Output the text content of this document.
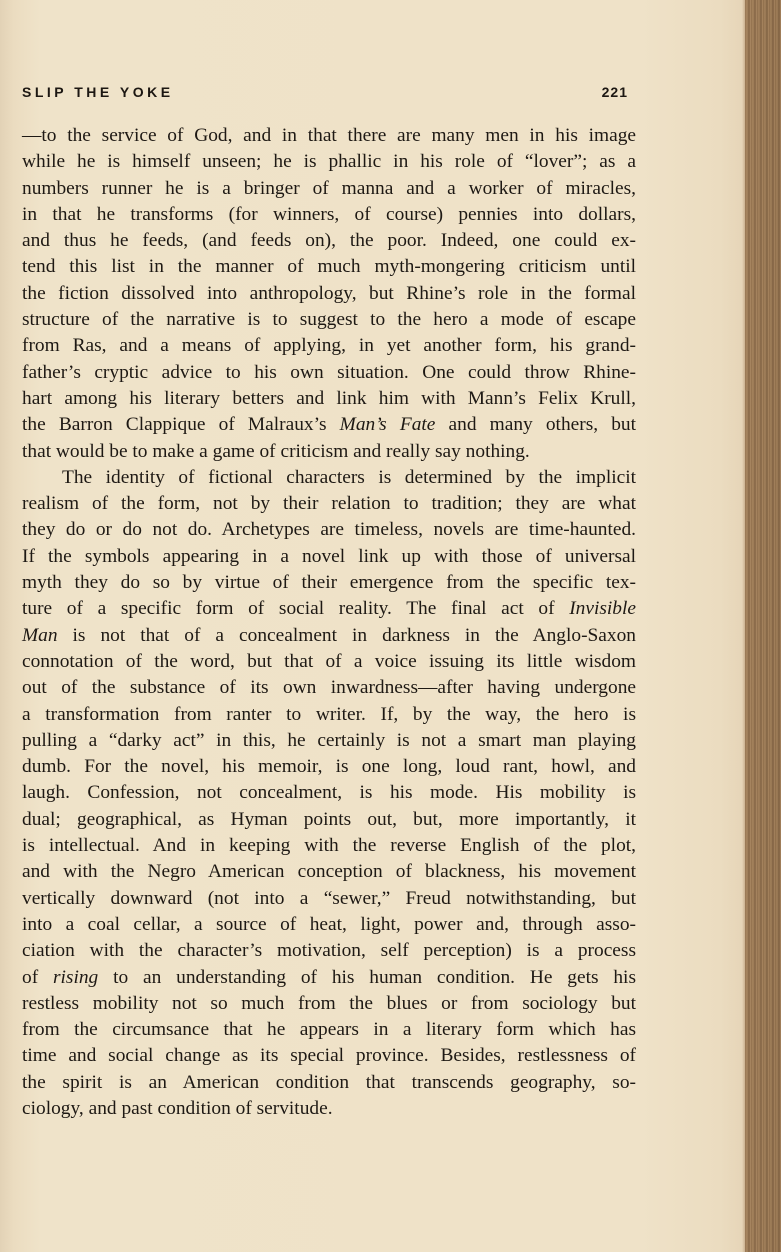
SLIP THE YOKE	221
—to the service of God, and in that there are many men in his image
while he is himself unseen; he is phallic in his role of “lover”; as a
numbers runner he is a bringer of manna and a worker of miracles,
in that he transforms (for winners, of course) pennies into dollars,
and thus he feeds, (and feeds on), the poor. Indeed, one could ex-
tend this list in the manner of much myth-mongering criticism until
the fiction dissolved into anthropology, but Rhine’s role in the formal
structure of the narrative is to suggest to the hero a mode of escape
from Ras, and a means of applying, in yet another form, his grand-
father’s cryptic advice to his own situation. One could throw Rhine-
hart among his literary betters and link him with Mann’s Felix Krull,
the Barron Clappique of Malraux’s Man’s Fate and many others, but
that would be to make a game of criticism and really say nothing.
The identity of fictional characters is determined by the implicit
realism of the form, not by their relation to tradition; they are what
they do or do not do. Archetypes are timeless, novels are time-haunted.
If the symbols appearing in a novel link up with those of universal
myth they do so by virtue of their emergence from the specific tex-
ture of a specific form of social reality. The final act of Invisible
Man is not that of a concealment in darkness in the Anglo-Saxon
connotation of the word, but that of a voice issuing its little wisdom
out of the substance of its own inwardness—after having undergone
a transformation from ranter to writer. If, by the way, the hero is
pulling a “darky act” in this, he certainly is not a smart man playing
dumb. For the novel, his memoir, is one long, loud rant, howl, and
laugh. Confession, not concealment, is his mode. His mobility is
dual; geographical, as Hyman points out, but, more importantly, it
is intellectual. And in keeping with the reverse English of the plot,
and with the Negro American conception of blackness, his movement
vertically downward (not into a “sewer,” Freud notwithstanding, but
into a coal cellar, a source of heat, light, power and, through asso-
ciation with the character’s motivation, self perception) is a process
of rising to an understanding of his human condition. He gets his
restless mobility not so much from the blues or from sociology but
from the circumsance that he appears in a literary form which has
time and social change as its special province. Besides, restlessness of
the spirit is an American condition that transcends geography, so-
ciology, and past condition of servitude.
